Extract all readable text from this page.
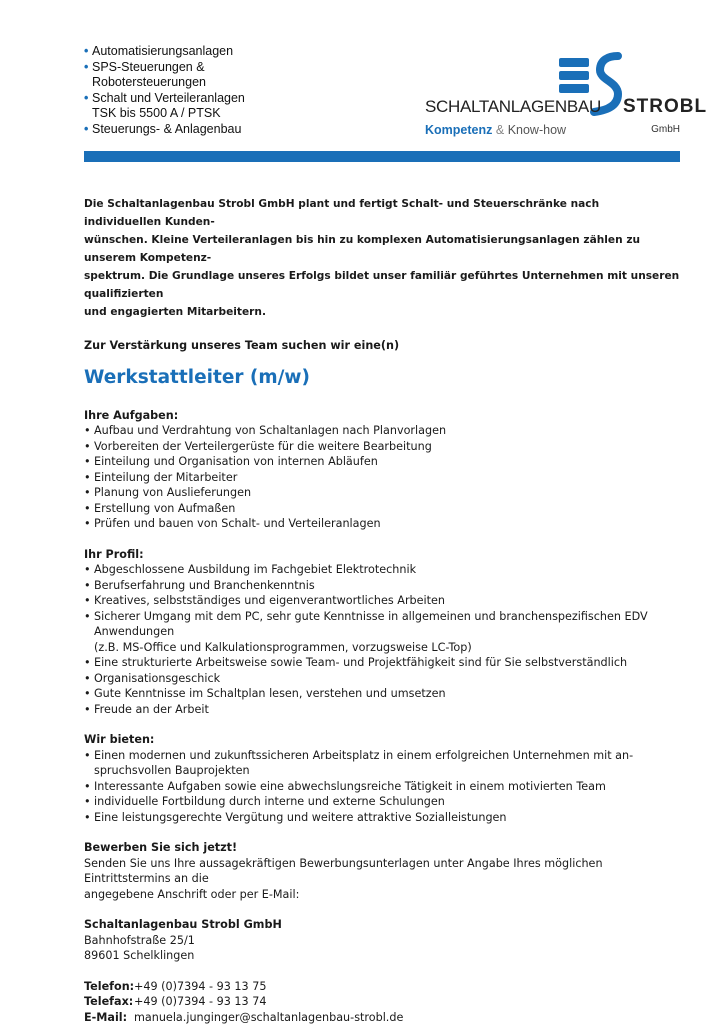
• Automatisierungsanlagen
• SPS-Steuerungen &
Robotersteuerungen
• Schalt und Verteileranlagen
TSK bis 5500 A / PTSK
• Steuerungs- & Anlagenbau
SCHALTANLAGENBAU STROBL
Kompetenz & Know-how	GmbH

Die Schaltanlagenbau Strobl GmbH plant und fertigt Schalt- und Steuerschränke nach individuellen Kunden-
wünschen. Kleine Verteileranlagen bis hin zu komplexen Automatisierungsanlagen zählen zu unserem Kompetenz-
spektrum. Die Grundlage unseres Erfolgs bildet unser familiär geführtes Unternehmen mit unseren qualifizierten
und engagierten Mitarbeitern.

Zur Verstärkung unseres Team suchen wir eine(n)

Werkstattleiter (m/w)

Ihre Aufgaben:

• Aufbau und Verdrahtung von Schaltanlagen nach Planvorlagen
• Vorbereiten der Verteilergerüste für die weitere Bearbeitung
• Einteilung und Organisation von internen Abläufen
• Einteilung der Mitarbeiter
• Planung von Auslieferungen
• Erstellung von Aufmaßen
• Prüfen und bauen von Schalt- und Verteileranlagen

Ihr Profil:

• Abgeschlossene Ausbildung im Fachgebiet Elektrotechnik
• Berufserfahrung und Branchenkenntnis
• Kreatives, selbstständiges und eigenverantwortliches Arbeiten
• Sicherer Umgang mit dem PC, sehr gute Kenntnisse in allgemeinen und branchenspezifischen EDV Anwendungen
(z.B. MS-Office und Kalkulationsprogrammen, vorzugsweise LC-Top)
• Eine strukturierte Arbeitsweise sowie Team- und Projektfähigkeit sind für Sie selbstverständlich
• Organisationsgeschick
• Gute Kenntnisse im Schaltplan lesen, verstehen und umsetzen
• Freude an der Arbeit

Wir bieten:

• Einen modernen und zukunftssicheren Arbeitsplatz in einem erfolgreichen Unternehmen mit an-
spruchsvollen Bauprojekten
• Interessante Aufgaben sowie eine abwechslungsreiche Tätigkeit in einem motivierten Team
• individuelle Fortbildung durch interne und externe Schulungen
• Eine leistungsgerechte Vergütung und weitere attraktive Sozialleistungen

Bewerben Sie sich jetzt!

Senden Sie uns Ihre aussagekräftigen Bewerbungsunterlagen unter Angabe Ihres möglichen Eintrittstermins an die
angegebene Anschrift oder per E-Mail:

Schaltanlagenbau Strobl GmbH

Bahnhofstraße 25/1

89601 Schelklingen

Telefon: +49 (0)7394 - 93 13 75
Telefax: +49 (0)7394 - 93 13 74
E-Mail: manuela.junginger@schaltanlagenbau-strobl.de
